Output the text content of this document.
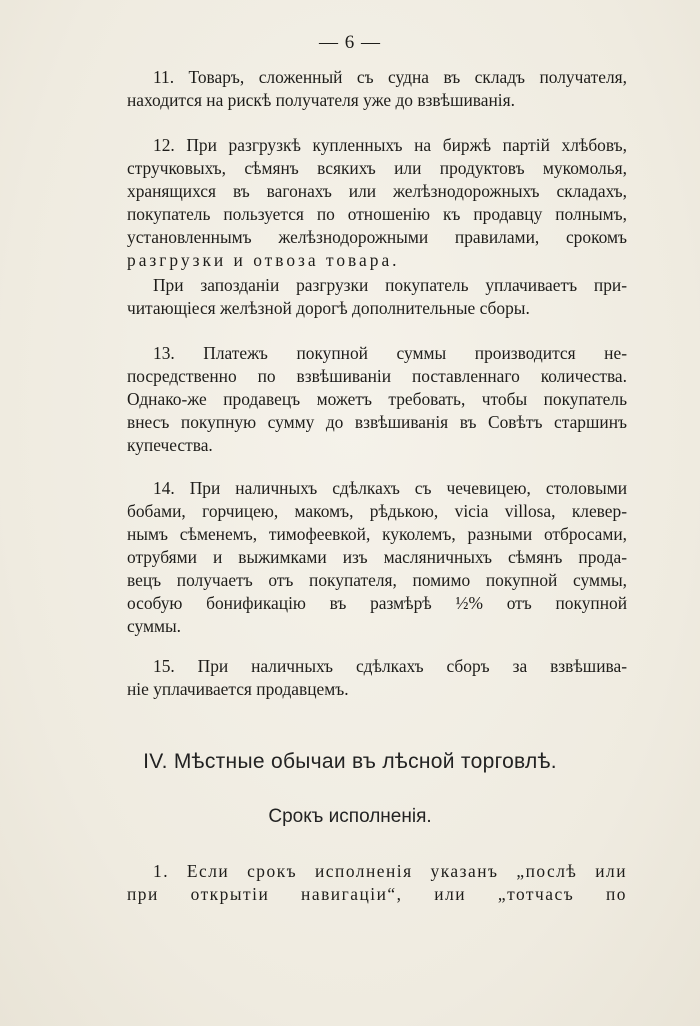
— 6 —
11. Товаръ, сложенный съ судна въ складъ получателя,
находится на рискѣ получателя уже до взвѣшиванія.
12. При разгрузкѣ купленныхъ на биржѣ партій хлѣбовъ,
стручковыхъ, сѣмянъ всякихъ или продуктовъ мукомолья,
хранящихся въ вагонахъ или желѣзнодорожныхъ складахъ,
покупатель пользуется по отношенію къ продавцу полнымъ,
установленнымъ желѣзнодорожными правилами, срокомъ
разгрузки и отвоза товара.
При запозданіи разгрузки покупатель уплачиваетъ при-
читающіеся желѣзной дорогѣ дополнительные сборы.
13. Платежъ покупной суммы производится не-
посредственно по взвѣшиваніи поставленнаго количества.
Однако-же продавецъ можетъ требовать, чтобы покупатель
внесъ покупную сумму до взвѣшиванія въ Совѣтъ старшинъ
купечества.
14. При наличныхъ сдѣлкахъ съ чечевицею, столовыми
бобами, горчицею, макомъ, рѣдькою, vicia villosa, клевер-
нымъ сѣменемъ, тимофеевкой, куколемъ, разными отбросами,
отрубями и выжимками изъ масляничныхъ сѣмянъ прода-
вецъ получаетъ отъ покупателя, помимо покупной суммы,
особую бонификацію въ размѣрѣ ½% отъ покупной
суммы.
15. При наличныхъ сдѣлкахъ сборъ за взвѣшива-
ніе уплачивается продавцемъ.
IV. Мѣстные обычаи въ лѣсной торговлѣ.
Срокъ исполненія.
1. Если срокъ исполненія указанъ „послѣ или
при открытіи навигаціи“, или „тотчасъ по
